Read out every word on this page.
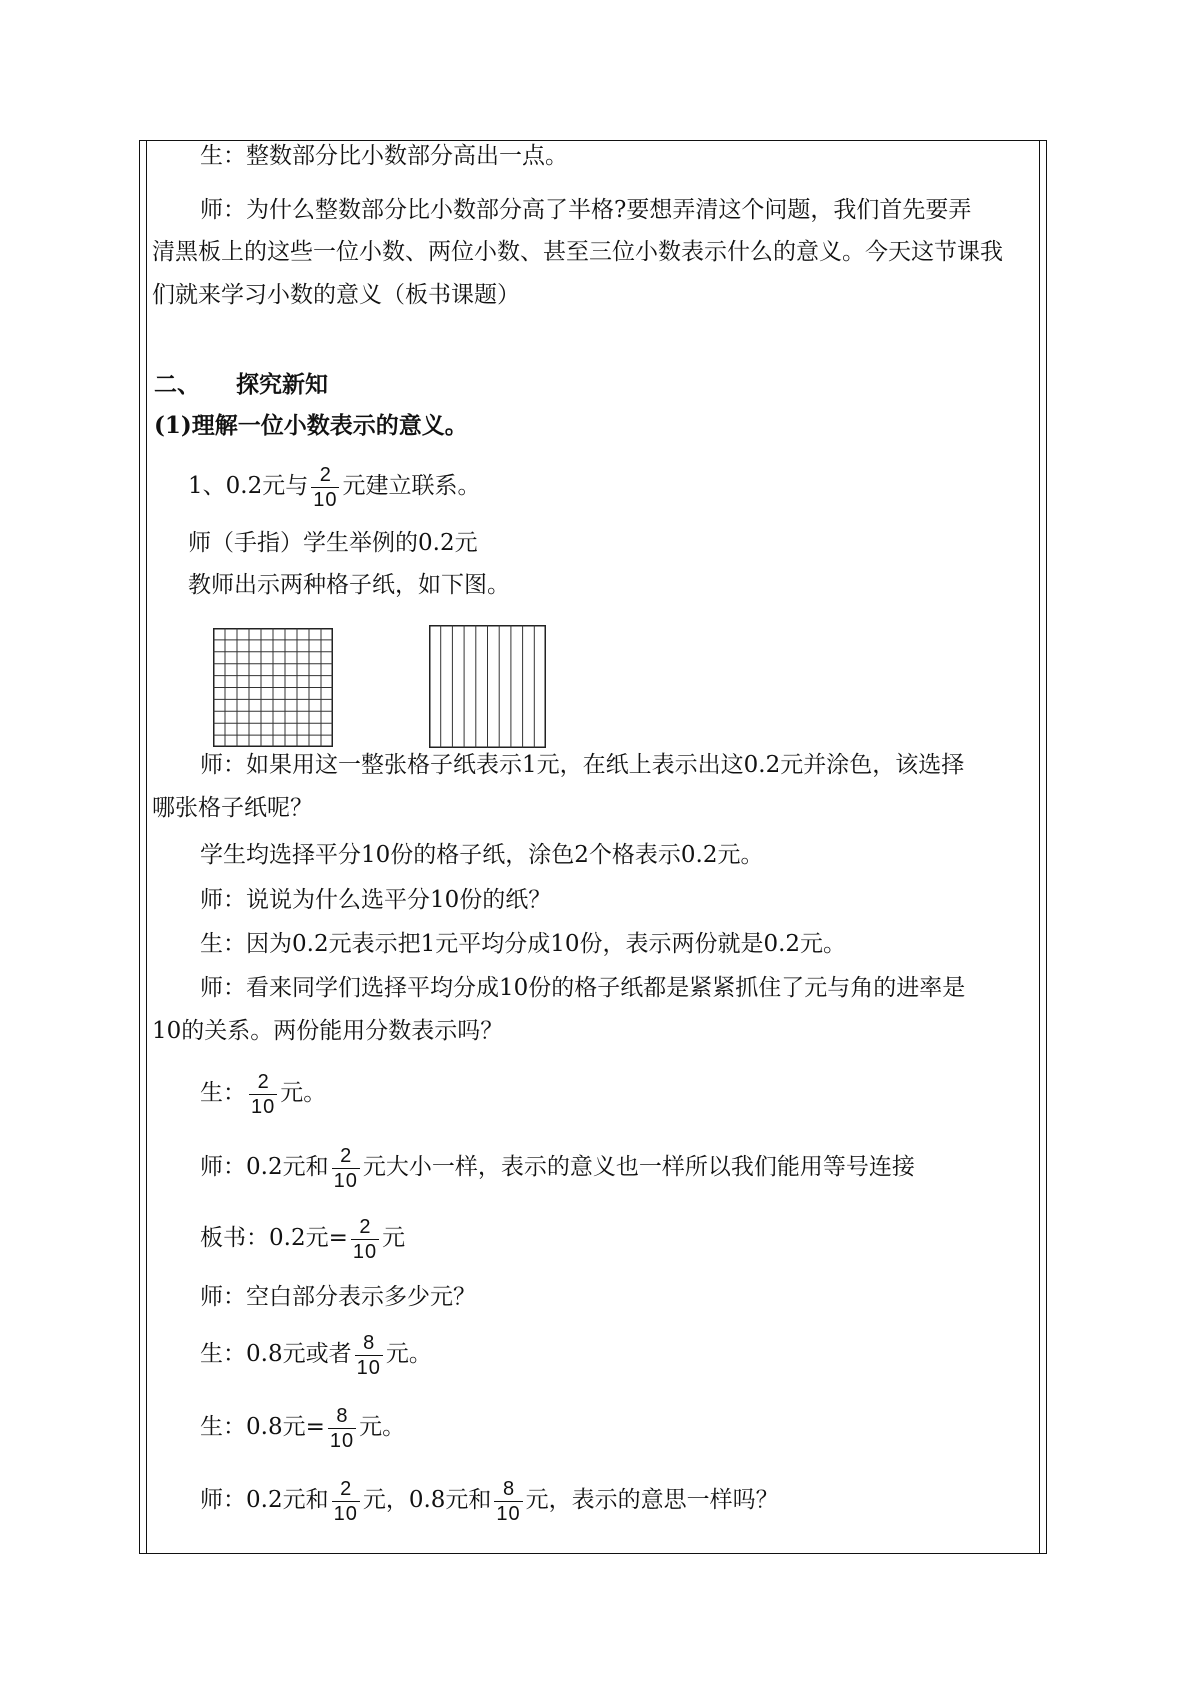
生：整数部分比小数部分高出一点。
师：为什么整数部分比小数部分高了半格?要想弄清这个问题，我们首先要弄
清黑板上的这些一位小数、两位小数、甚至三位小数表示什么的意义。今天这节课我
们就来学习小数的意义（板书课题）
二、 探究新知
(1)理解一位小数表示的意义。
1、0.2元与 $\frac{2}{10}$ 元建立联系。
师（手指）学生举例的0.2元
教师出示两种格子纸，如下图。
师：如果用这一整张格子纸表示1元，在纸上表示出这0.2元并涂色，该选择
哪张格子纸呢？
学生均选择平分10份的格子纸，涂色2个格表示0.2元。
师：说说为什么选平分10份的纸？
生：因为0.2元表示把1元平均分成10份，表示两份就是0.2元。
师：看来同学们选择平均分成10份的格子纸都是紧紧抓住了元与角的进率是
10的关系。两份能用分数表示吗？
生： $\frac{2}{10}$ 元。
师：0.2元和 $\frac{2}{10}$ 元大小一样，表示的意义也一样所以我们能用等号连接
板书：0.2元= $\frac{2}{10}$ 元
师：空白部分表示多少元？
生：0.8元或者 $\frac{8}{10}$ 元。
生：0.8元= $\frac{8}{10}$ 元。
师：0.2元和 $\frac{2}{10}$ 元，0.8元和 $\frac{8}{10}$ 元，表示的意思一样吗？
